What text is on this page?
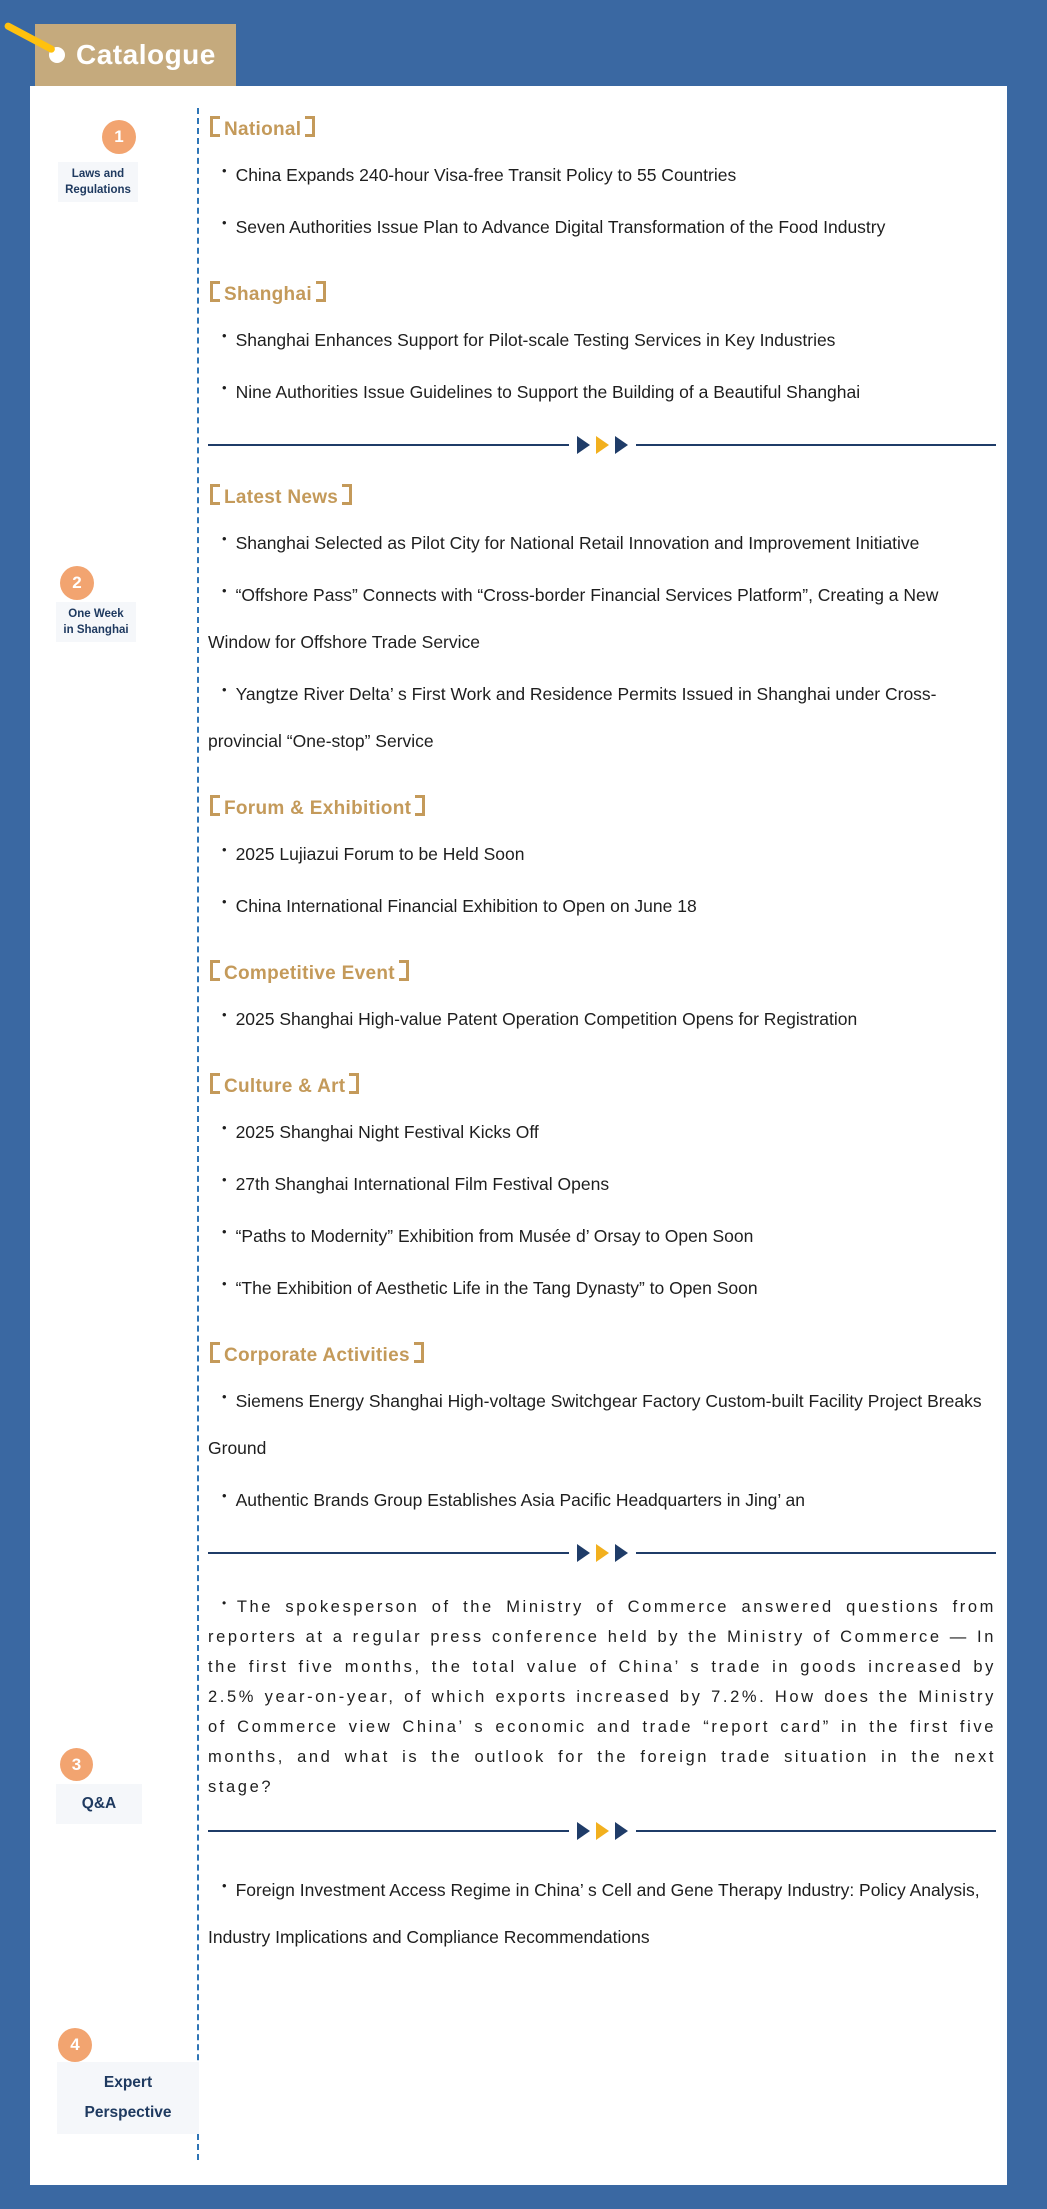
Catalogue
1
Laws and
Regulations
2
One Week
in Shanghai
3
Q&A
4
Expert
Perspective
National
• China Expands 240-hour Visa-free Transit Policy to 55 Countries
• Seven Authorities Issue Plan to Advance Digital Transformation of the Food Industry
Shanghai
• Shanghai Enhances Support for Pilot-scale Testing Services in Key Industries
• Nine Authorities Issue Guidelines to Support the Building of a Beautiful Shanghai
Latest News
• Shanghai Selected as Pilot City for National Retail Innovation and Improvement Initiative
• “Offshore Pass” Connects with “Cross-border Financial Services Platform”, Creating a New Window for Offshore Trade Service
• Yangtze River Delta’ s First Work and Residence Permits Issued in Shanghai under Cross-provincial “One-stop” Service
Forum & Exhibitiont
• 2025 Lujiazui Forum to be Held Soon
• China International Financial Exhibition to Open on June 18
Competitive Event
• 2025 Shanghai High-value Patent Operation Competition Opens for Registration
Culture & Art
• 2025 Shanghai Night Festival Kicks Off
• 27th Shanghai International Film Festival Opens
• “Paths to Modernity” Exhibition from Musée d’ Orsay to Open Soon
• “The Exhibition of Aesthetic Life in the Tang Dynasty” to Open Soon
Corporate Activities
• Siemens Energy Shanghai High-voltage Switchgear Factory Custom-built Facility Project Breaks Ground
• Authentic Brands Group Establishes Asia Pacific Headquarters in Jing’ an
• The spokesperson of the Ministry of Commerce answered questions from reporters at a regular press conference held by the Ministry of Commerce — In the first five months, the total value of China’ s trade in goods increased by 2.5% year-on-year, of which exports increased by 7.2%. How does the Ministry of Commerce view China’ s economic and trade “report card” in the first five months, and what is the outlook for the foreign trade situation in the next stage?
• Foreign Investment Access Regime in China’ s Cell and Gene Therapy Industry: Policy Analysis, Industry Implications and Compliance Recommendations
